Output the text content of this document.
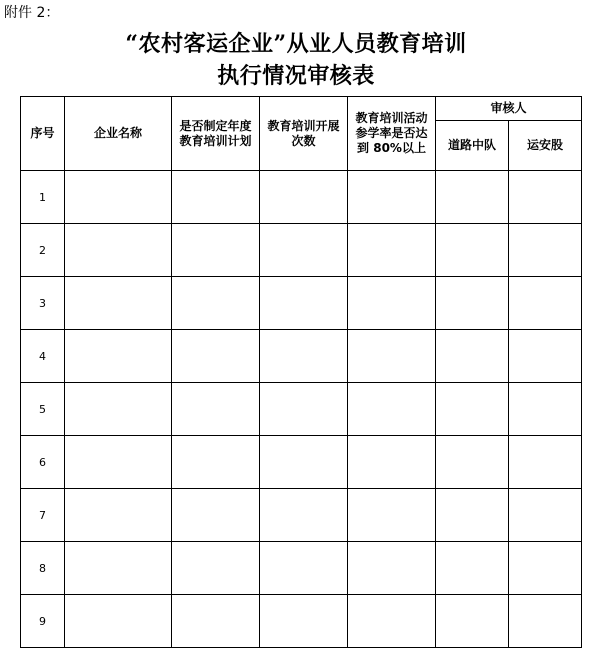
附件 2：
“农村客运企业”从业人员教育培训
执行情况审核表
序号	企业名称	是否制定年度教育培训计划	教育培训开展次数	教育培训活动参学率是否达到 80%以上	审核人	
					道路中队	运安股
1						
2						
3						
4						
5						
6						
7						
8						
9						
